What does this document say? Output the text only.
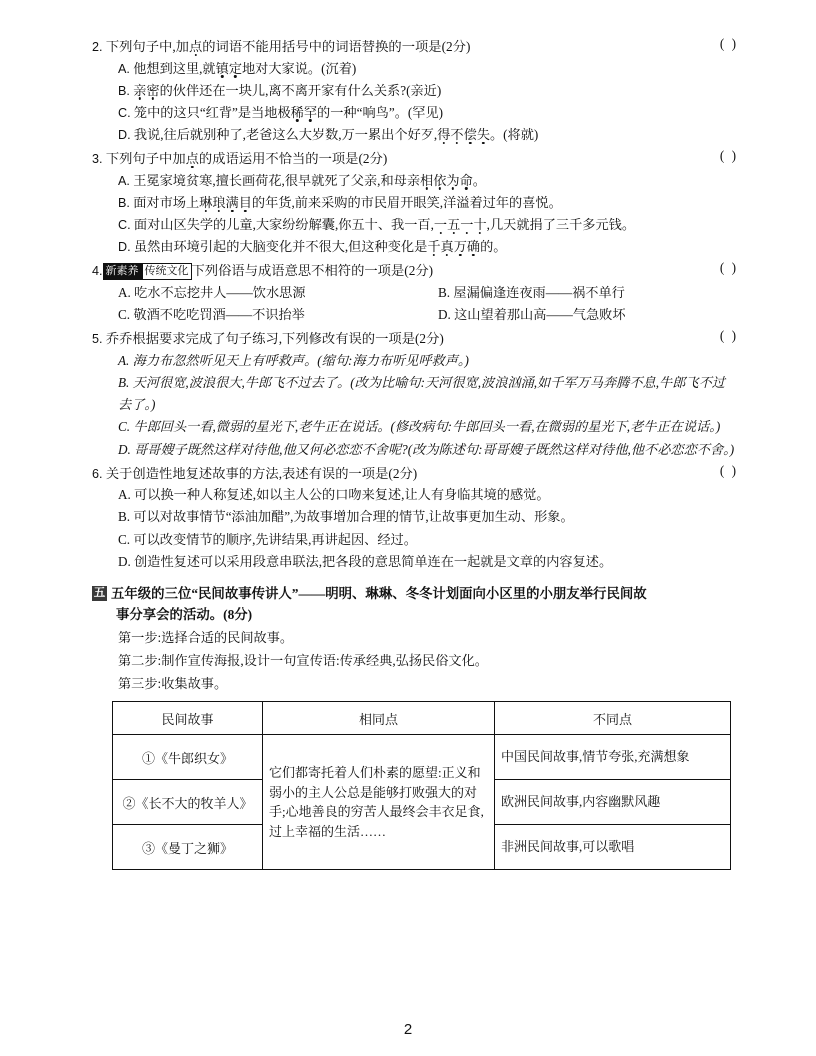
2. 下列句子中,加点的词语不能用括号中的词语替换的一项是(2分)	( )
A. 他想到这里,就镇定地对大家说。(沉着)
B. 亲密的伙伴还在一块儿,离不离开家有什么关系?(亲近)
C. 笼中的这只“红背”是当地极稀罕的一种“响鸟”。(罕见)
D. 我说,往后就别种了,老爸这么大岁数,万一累出个好歹,得不偿失。(将就)
3. 下列句子中加点的成语运用不恰当的一项是(2分)	( )
A. 王冕家境贫寒,擅长画荷花,很早就死了父亲,和母亲相依为命。
B. 面对市场上琳琅满目的年货,前来采购的市民眉开眼笑,洋溢着过年的喜悦。
C. 面对山区失学的儿童,大家纷纷解囊,你五十、我一百,一五一十,几天就捐了三千多元钱。
D. 虽然由环境引起的大脑变化并不很大,但这种变化是千真万确的。
4. 新素养 传统文化 下列俗语与成语意思不相符的一项是(2分)	( )
A. 吃水不忘挖井人——饮水思源	B. 屋漏偏逢连夜雨——祸不单行
C. 敬酒不吃吃罚酒——不识抬举	D. 这山望着那山高——气急败坏
5. 乔乔根据要求完成了句子练习,下列修改有误的一项是(2分)	( )
A. 海力布忽然听见天上有呼救声。(缩句:海力布听见呼救声。)
B. 天河很宽,波浪很大,牛郎飞不过去了。(改为比喻句:天河很宽,波浪汹涌,如千军万马奔腾不息,牛郎飞不过去了。)
C. 牛郎回头一看,微弱的星光下,老牛正在说话。(修改病句:牛郎回头一看,在微弱的星光下,老牛正在说话。)
D. 哥哥嫂子既然这样对待他,他又何必恋恋不舍呢?(改为陈述句:哥哥嫂子既然这样对待他,他不必恋恋不舍。)
6. 关于创造性地复述故事的方法,表述有误的一项是(2分)	( )
A. 可以换一种人称复述,如以主人公的口吻来复述,让人有身临其境的感觉。
B. 可以对故事情节“添油加醋”,为故事增加合理的情节,让故事更加生动、形象。
C. 可以改变情节的顺序,先讲结果,再讲起因、经过。
D. 创造性复述可以采用段意串联法,把各段的意思简单连在一起就是文章的内容复述。
五 五年级的三位“民间故事传讲人”——明明、琳琳、冬冬计划面向小区里的小朋友举行民间故
事分享会的活动。(8分)
第一步:选择合适的民间故事。
第二步:制作宣传海报,设计一句宣传语:传承经典,弘扬民俗文化。
第三步:收集故事。
民间故事	相同点	不同点
①《牛郎织女》	它们都寄托着人们朴素的愿望:正义和弱小的主人公总是能够打败强大的对手;心地善良的穷苦人最终会丰衣足食,过上幸福的生活……	中国民间故事,情节夸张,充满想象
②《长不大的牧羊人》		欧洲民间故事,内容幽默风趣
③《曼丁之狮》		非洲民间故事,可以歌唱
2
